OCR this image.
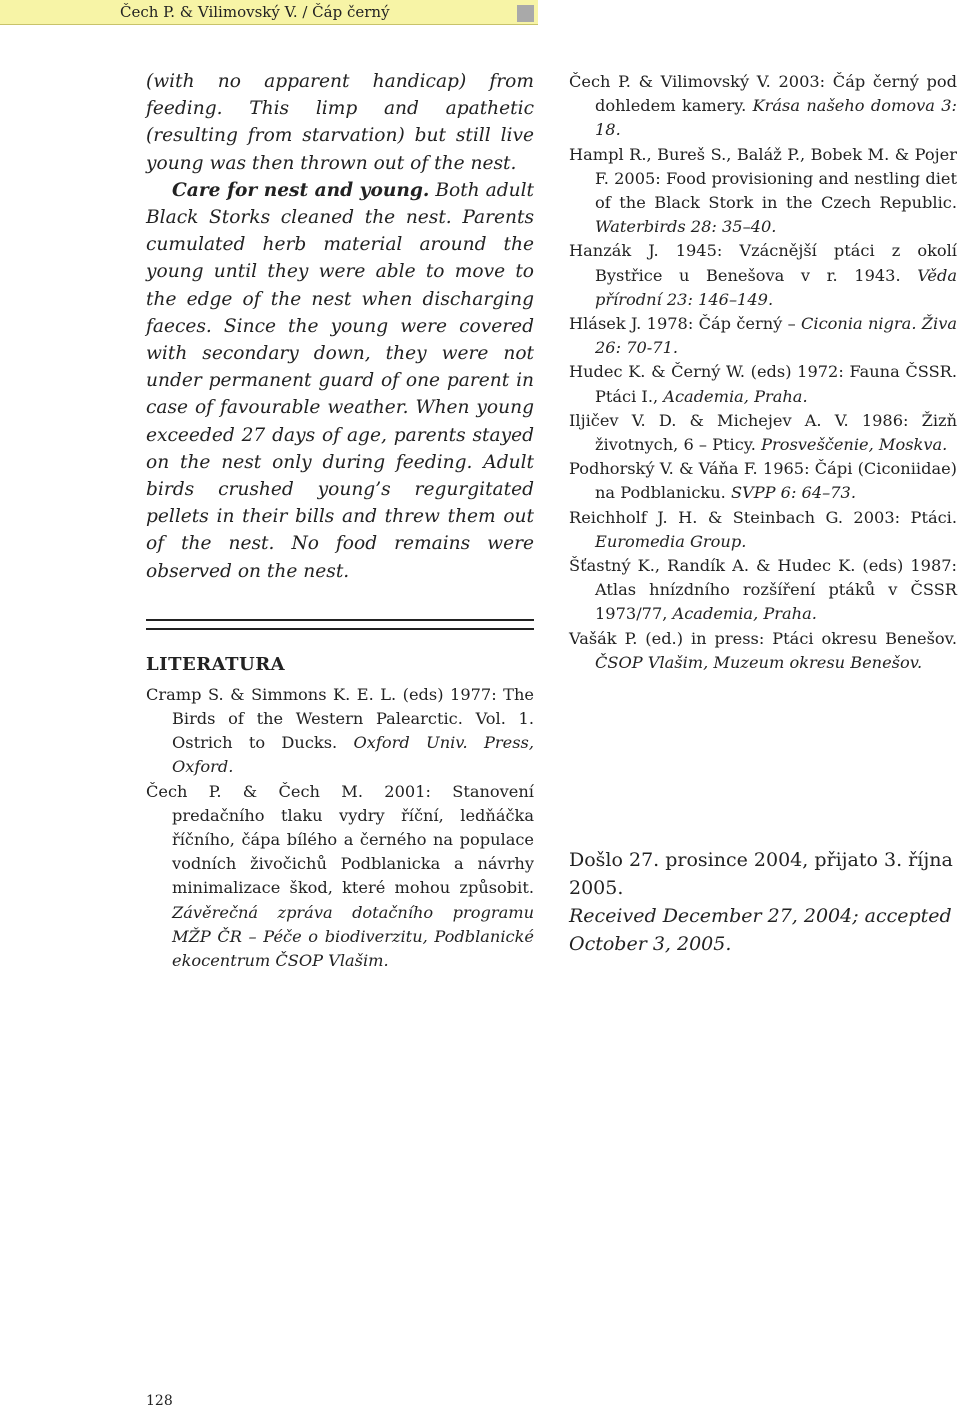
Čech P. & Vilimovský V. / Čáp černý

(with no apparent handicap) from feeding. This limp and apathetic (resulting from starvation) but still live young was then thrown out of the nest.

Care for nest and young. Both adult Black Storks cleaned the nest. Parents cumulated herb material around the young until they were able to move to the edge of the nest when discharging faeces. Since the young were covered with secondary down, they were not under permanent guard of one parent in case of favourable weather. When young exceeded 27 days of age, parents stayed on the nest only during feeding. Adult birds crushed young’s regurgitated pellets in their bills and threw them out of the nest. No food remains were observed on the nest.

LITERATURA

Cramp S. & Simmons K. E. L. (eds) 1977: The Birds of the Western Palearctic. Vol. 1. Ostrich to Ducks. Oxford Univ. Press, Oxford.

Čech P. & Čech M. 2001: Stanovení predačního tlaku vydry říční, ledňáčka říčního, čápa bílého a černého na populace vodních živočichů Podblanicka a návrhy minimalizace škod, které mohou způsobit. Závěrečná zpráva dotačního programu MŽP ČR – Péče o biodiverzitu, Podblanické ekocentrum ČSOP Vlašim.

Čech P. & Vilimovský V. 2003: Čáp černý pod dohledem kamery. Krása našeho domova 3: 18.

Hampl R., Bureš S., Baláž P., Bobek M. & Pojer F. 2005: Food provisioning and nestling diet of the Black Stork in the Czech Republic. Waterbirds 28: 35–40.

Hanzák J. 1945: Vzácnější ptáci z okolí Bystřice u Benešova v r. 1943. Věda přírodní 23: 146–149.

Hlásek J. 1978: Čáp černý – Ciconia nigra. Živa 26: 70-71.

Hudec K. & Černý W. (eds) 1972: Fauna ČSSR. Ptáci I., Academia, Praha.

Iljičev V. D. & Michejev A. V. 1986: Žizň životnych, 6 – Pticy. Prosveščenie, Moskva.

Podhorský V. & Váňa F. 1965: Čápi (Ciconiidae) na Podblanicku. SVPP 6: 64–73.

Reichholf J. H. & Steinbach G. 2003: Ptáci. Euromedia Group.

Šťastný K., Randík A. & Hudec K. (eds) 1987: Atlas hnízdního rozšíření ptáků v ČSSR 1973/77, Academia, Praha.

Vašák P. (ed.) in press: Ptáci okresu Benešov. ČSOP Vlašim, Muzeum okresu Benešov.

Došlo 27. prosince 2004, přijato 3. října 2005.

Received December 27, 2004; accepted October 3, 2005.

128
